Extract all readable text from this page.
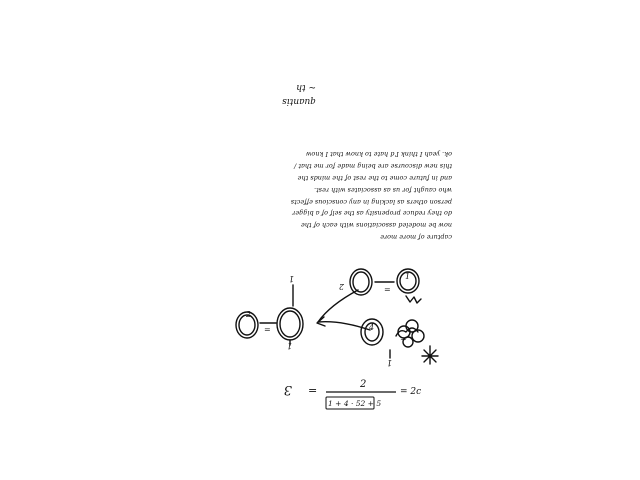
quantis
~ th
capture of more more
now be modeled associations with each of the
do they reduce propensity as the self of a bigger
person others as lacking in any conscious effects
who caught for us as associates with rest.
and in future come to the rest of the minds the
this new discourse are being made for me that /
ok. yeah I think I'd hate to know that I know
1
2
1
2
1
4
1
=
=
~
3 =	2
1 + 4 · 52 + 5
= 2c
